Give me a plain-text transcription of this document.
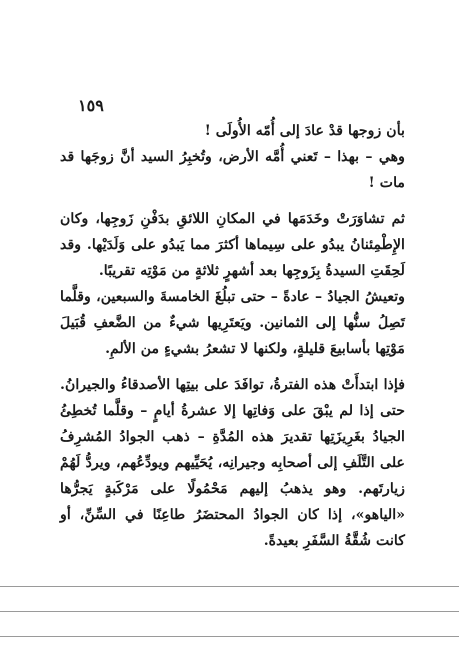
١٥٩

بأن زوجها قدْ عادَ إلى أُمّه الأُولَى !

وهي – بهذا – تَعني أُمَّه الأرض، وتُخبِرُ السيد أنَّ زوجَها قد مات !

ثم تشاوَرَتْ وخَدَمَها في المكانِ اللائقِ بدَفْنِ زَوجِها، وكان الإِطْمِئنانُ يبدُو على سِيماها أكثرَ مما يَبدُو على وَلَدَيْها. وقد لَحِقَتِ السيدةُ بِزَوجِها بعد أشهرٍ ثلاثةٍ من مَوْتِه تقريبًا.

وتعيشُ الجيادُ – عادةً – حتى تبلُغَ الخامسةَ والسبعين، وقلَّما تَصِلُ سنُّها إلى الثمانين. ويَعتَرِيها شيءٌ من الضَّعفِ قُبَيلَ مَوْتِها بأسابيعَ قليلةٍ، ولكنها لا تشعرُ بشيءٍ من الألمِ.

فإذا ابتدأَتْ هذه الفترةُ، توافَدَ على بيتِها الأصدقاءُ والجيرانُ. حتى إذا لم يبْقَ على وَفاتِها إلا عشرةُ أيامٍ – وقلَّما تُخطِئُ الجيادُ بغَرِيزَتِها تقديرَ هذه المُدَّةِ – ذهب الجوادُ المُشرِفُ على التَّلَفِ إلى أصحابِه وجيرانِه، يُحَيِّيهم ويودِّعُهم، ويردُّ لَهُمْ زيارتَهم. وهو يذهبُ إليهم مَحْمُولًا على مَرْكَبةٍ يَجرُّها «الياهو»، إذا كان الجوادُ المحتضَرُ طاعِنًا في السِّنِّ، أو كانت شُقَّةُ السَّفَرِ بعيدةً.
